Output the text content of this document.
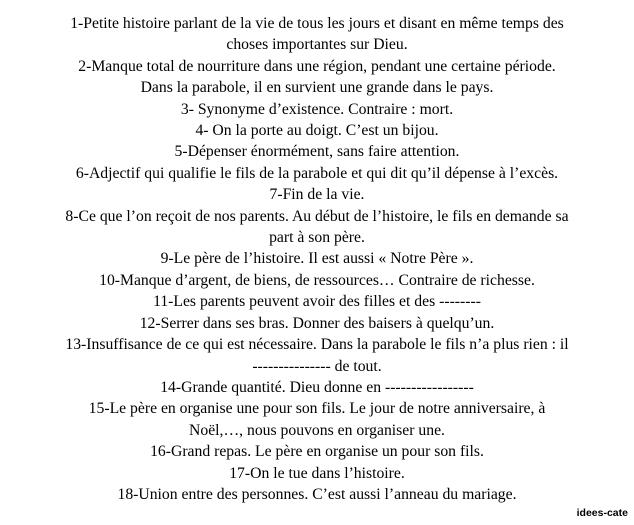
1-Petite histoire parlant de la vie de tous les jours et disant en même temps des
choses importantes sur Dieu.
2-Manque total de nourriture dans une région, pendant une certaine période.
Dans la parabole, il en survient une grande dans le pays.
3- Synonyme d’existence. Contraire : mort.
4- On la porte au doigt. C’est un bijou.
5-Dépenser énormément, sans faire attention.
6-Adjectif qui qualifie le fils de la parabole et qui dit qu’il dépense à l’excès.
7-Fin de la vie.
8-Ce que l’on reçoit de nos parents. Au début de l’histoire, le fils en demande sa
part à son père.
9-Le père de l’histoire. Il est aussi « Notre Père ».
10-Manque d’argent, de biens, de ressources… Contraire de richesse.
11-Les parents peuvent avoir des filles et des --------
12-Serrer dans ses bras. Donner des baisers à quelqu’un.
13-Insuffisance de ce qui est nécessaire. Dans la parabole le fils n’a plus rien : il
--------------- de tout.
14-Grande quantité. Dieu donne en -----------------
15-Le père en organise une pour son fils. Le jour de notre anniversaire, à
Noël,…, nous pouvons en organiser une.
16-Grand repas. Le père en organise un pour son fils.
17-On le tue dans l’histoire.
18-Union entre des personnes. C’est aussi l’anneau du mariage.
idees-cate
